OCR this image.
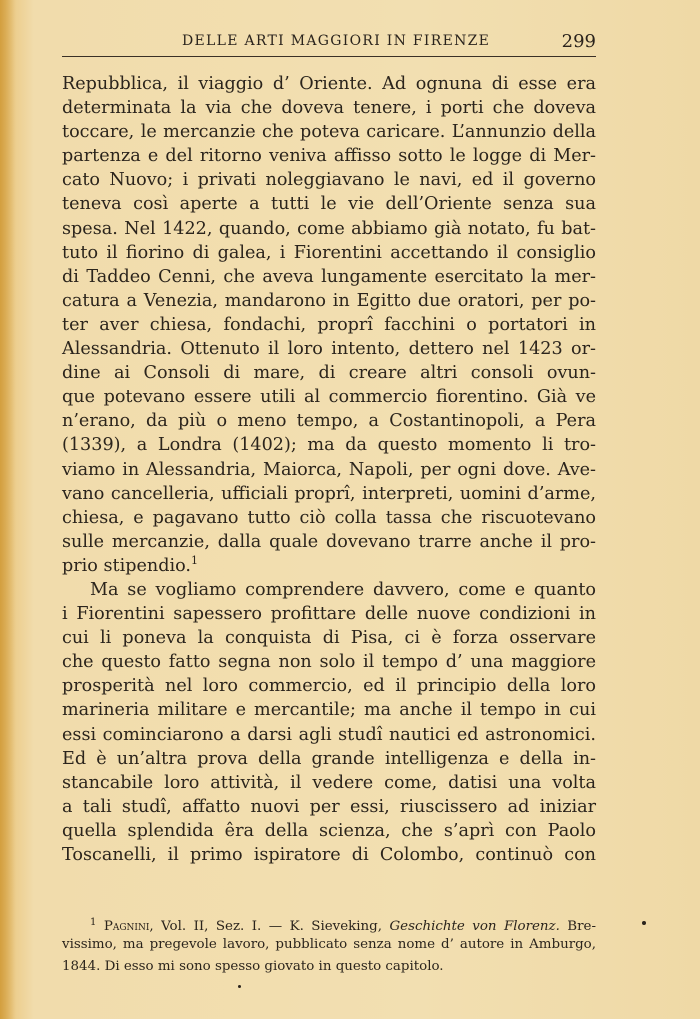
DELLE ARTI MAGGIORI IN FIRENZE	299
Repubblica, il viaggio d’ Oriente. Ad ognuna di esse era
determinata la via che doveva tenere, i porti che doveva
toccare, le mercanzie che poteva caricare. L’annunzio della
partenza e del ritorno veniva affisso sotto le logge di Mer-
cato Nuovo; i privati noleggiavano le navi, ed il governo
teneva così aperte a tutti le vie dell’Oriente senza sua
spesa. Nel 1422, quando, come abbiamo già notato, fu bat-
tuto il fiorino di galea, i Fiorentini accettando il consiglio
di Taddeo Cenni, che aveva lungamente esercitato la mer-
catura a Venezia, mandarono in Egitto due oratori, per po-
ter aver chiesa, fondachi, proprî facchini o portatori in
Alessandria. Ottenuto il loro intento, dettero nel 1423 or-
dine ai Consoli di mare, di creare altri consoli ovun-
que potevano essere utili al commercio fiorentino. Già ve
n’erano, da più o meno tempo, a Costantinopoli, a Pera
(1339), a Londra (1402); ma da questo momento li tro-
viamo in Alessandria, Maiorca, Napoli, per ogni dove. Ave-
vano cancelleria, ufficiali proprî, interpreti, uomini d’arme,
chiesa, e pagavano tutto ciò colla tassa che riscuotevano
sulle mercanzie, dalla quale dovevano trarre anche il pro-
prio stipendio.$^1$
Ma se vogliamo comprendere davvero, come e quanto
i Fiorentini sapessero profittare delle nuove condizioni in
cui li poneva la conquista di Pisa, ci è forza osservare
che questo fatto segna non solo il tempo d’ una maggiore
prosperità nel loro commercio, ed il principio della loro
marineria militare e mercantile; ma anche il tempo in cui
essi cominciarono a darsi agli studî nautici ed astronomici.
Ed è un’altra prova della grande intelligenza e della in-
stancabile loro attività, il vedere come, datisi una volta
a tali studî, affatto nuovi per essi, riuscissero ad iniziar
quella splendida êra della scienza, che s’aprì con Paolo
Toscanelli, il primo ispiratore di Colombo, continuò con
$^1$ Pagnini, Vol. II, Sez. I. — K. Sieveking, Geschichte von Florenz. Bre-
vissimo, ma pregevole lavoro, pubblicato senza nome d’ autore in Amburgo,
1844. Di esso mi sono spesso giovato in questo capitolo.
